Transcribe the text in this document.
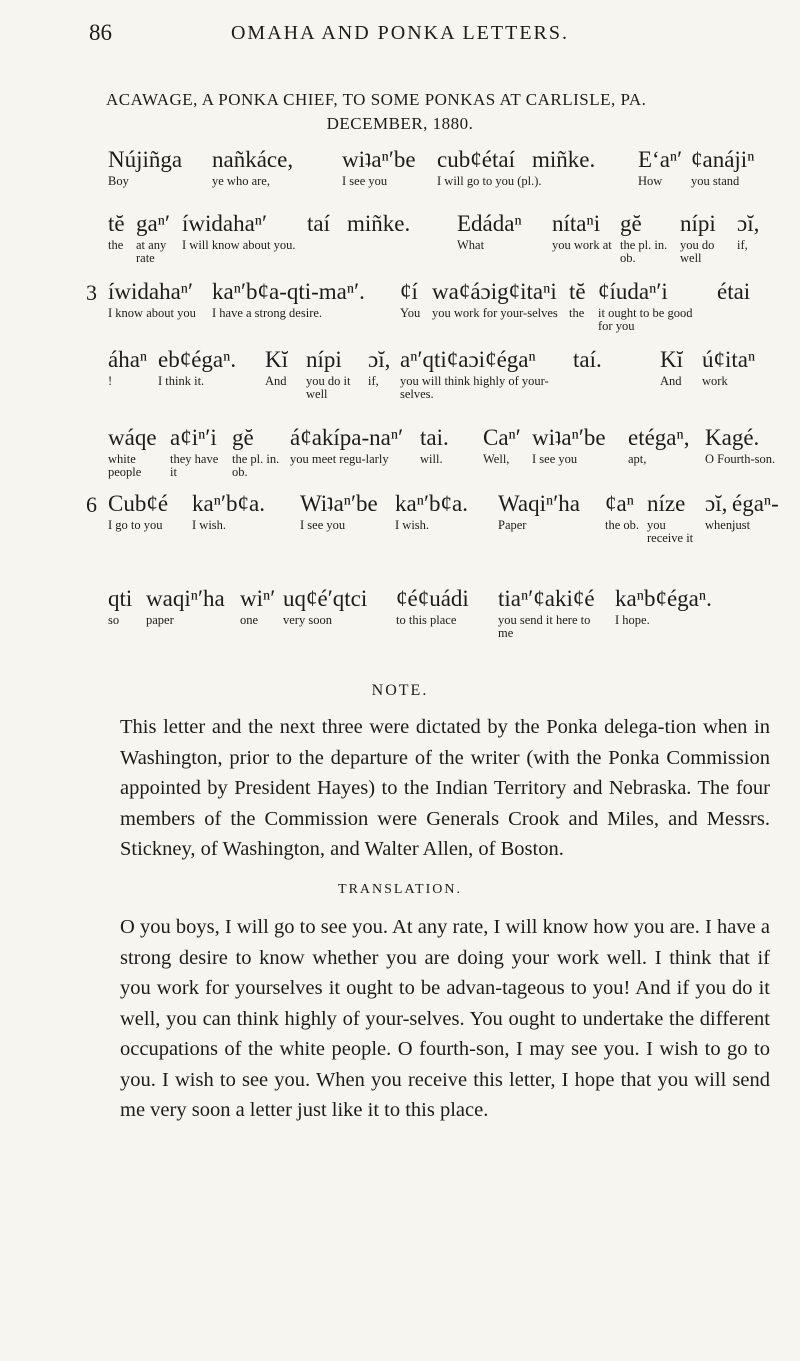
86	OMAHA AND PONKA LETTERS.
ACAWAGE, A PONKA CHIEF, TO SOME PONKAS AT CARLISLE, PA.
DECEMBER, 1880.
Nújiñga
Boy
nañkáce,
ye who are,
wiʇaⁿ′be
I see you
cub¢é
I will go to you (pl.).
taí miñke. E‘aⁿ′
How
¢anájiⁿ
you stand
tĕ
the
gaⁿ′
at any rate
íwidahaⁿ′
I will know about you.
taí miñke. Edádaⁿ
What
nítaⁿi
you work at
gĕ
the pl. in. ob.
nípi
you do well
ɔĭ,
if,
3 íwidahaⁿ′
I know about you
kaⁿ′b¢a-qti-maⁿ′.
I have a strong desire.
¢í
You
wa¢áɔig¢itaⁿi
you work for your-selves
tĕ
the
¢íudaⁿ′i
it ought to be good for you
étai
áhaⁿ
!
eb¢égaⁿ.
I think it.
Kĭ
And
nípi
you do it well
ɔĭ,
if,
aⁿ′qti¢aɔi¢égaⁿ
you will think highly of your-selves.
taí.	Kĭ
And
ú¢itaⁿ
work
wáqe
white people
a¢iⁿ′i
they have it
gĕ
the pl. in. ob.
á¢akípa-naⁿ′
you meet regu-larly
tai.
will.
Caⁿ′
Well,
wiʇaⁿ′be
I see you
etégaⁿ,
apt,
Kagé.
O Fourth-son.
6 Cub¢é
I go to you
kaⁿ′b¢a.
I wish.
Wiʇaⁿ′be
I see you
kaⁿ′b¢a.
I wish.
Waqiⁿ′ha
Paper
¢aⁿ
the ob.
níze
you receive it
ɔĭ,
when,
égaⁿ-
just
qti
so
waqiⁿ′ha
paper
wiⁿ′
one
uq¢é′qtci
very soon
¢é¢uádi
to this place
tiaⁿ′¢aki¢é
you send it here to me
kaⁿb¢égaⁿ.
I hope.
NOTE.

This letter and the next three were dictated by the Ponka delega-tion when in Washington, prior to the departure of the writer (with the Ponka Commission appointed by President Hayes) to the Indian Territory and Nebraska. The four members of the Commission were Generals Crook and Miles, and Messrs. Stickney, of Washington, and Walter Allen, of Boston.

TRANSLATION.

O you boys, I will go to see you. At any rate, I will know how you are. I have a strong desire to know whether you are doing your work well. I think that if you work for yourselves it ought to be advan-tageous to you! And if you do it well, you can think highly of your-selves. You ought to undertake the different occupations of the white people. O fourth-son, I may see you. I wish to go to you. I wish to see you. When you receive this letter, I hope that you will send me very soon a letter just like it to this place.
